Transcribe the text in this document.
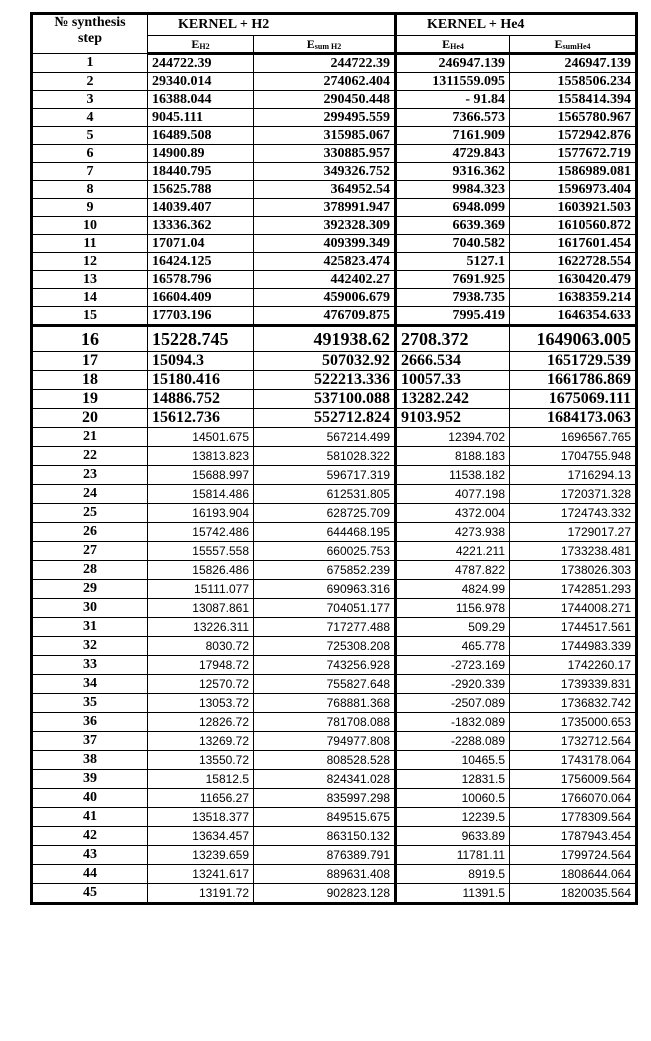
№ synthesis
step	KERNEL + H2		KERNEL + He4	
	$E_{H2}$	$E_{sum H2}$	$E_{He4}$	$E_{sumHe4}$
1	244722.39	244722.39	246947.139	246947.139
2	29340.014	274062.404	1311559.095	1558506.234
3	16388.044	290450.448	- 91.84	1558414.394
4	9045.111	299495.559	7366.573	1565780.967
5	16489.508	315985.067	7161.909	1572942.876
6	14900.89	330885.957	4729.843	1577672.719
7	18440.795	349326.752	9316.362	1586989.081
8	15625.788	364952.54	9984.323	1596973.404
9	14039.407	378991.947	6948.099	1603921.503
10	13336.362	392328.309	6639.369	1610560.872
11	17071.04	409399.349	7040.582	1617601.454
12	16424.125	425823.474	5127.1	1622728.554
13	16578.796	442402.27	7691.925	1630420.479
14	16604.409	459006.679	7938.735	1638359.214
15	17703.196	476709.875	7995.419	1646354.633
16	15228.745	491938.62	2708.372	1649063.005
17	15094.3	507032.92	2666.534	1651729.539
18	15180.416	522213.336	10057.33	1661786.869
19	14886.752	537100.088	13282.242	1675069.111
20	15612.736	552712.824	9103.952	1684173.063
21	14501.675	567214.499	12394.702	1696567.765
22	13813.823	581028.322	8188.183	1704755.948
23	15688.997	596717.319	11538.182	1716294.13
24	15814.486	612531.805	4077.198	1720371.328
25	16193.904	628725.709	4372.004	1724743.332
26	15742.486	644468.195	4273.938	1729017.27
27	15557.558	660025.753	4221.211	1733238.481
28	15826.486	675852.239	4787.822	1738026.303
29	15111.077	690963.316	4824.99	1742851.293
30	13087.861	704051.177	1156.978	1744008.271
31	13226.311	717277.488	509.29	1744517.561
32	8030.72	725308.208	465.778	1744983.339
33	17948.72	743256.928	-2723.169	1742260.17
34	12570.72	755827.648	-2920.339	1739339.831
35	13053.72	768881.368	-2507.089	1736832.742
36	12826.72	781708.088	-1832.089	1735000.653
37	13269.72	794977.808	-2288.089	1732712.564
38	13550.72	808528.528	10465.5	1743178.064
39	15812.5	824341.028	12831.5	1756009.564
40	11656.27	835997.298	10060.5	1766070.064
41	13518.377	849515.675	12239.5	1778309.564
42	13634.457	863150.132	9633.89	1787943.454
43	13239.659	876389.791	11781.11	1799724.564
44	13241.617	889631.408	8919.5	1808644.064
45	13191.72	902823.128	11391.5	1820035.564
